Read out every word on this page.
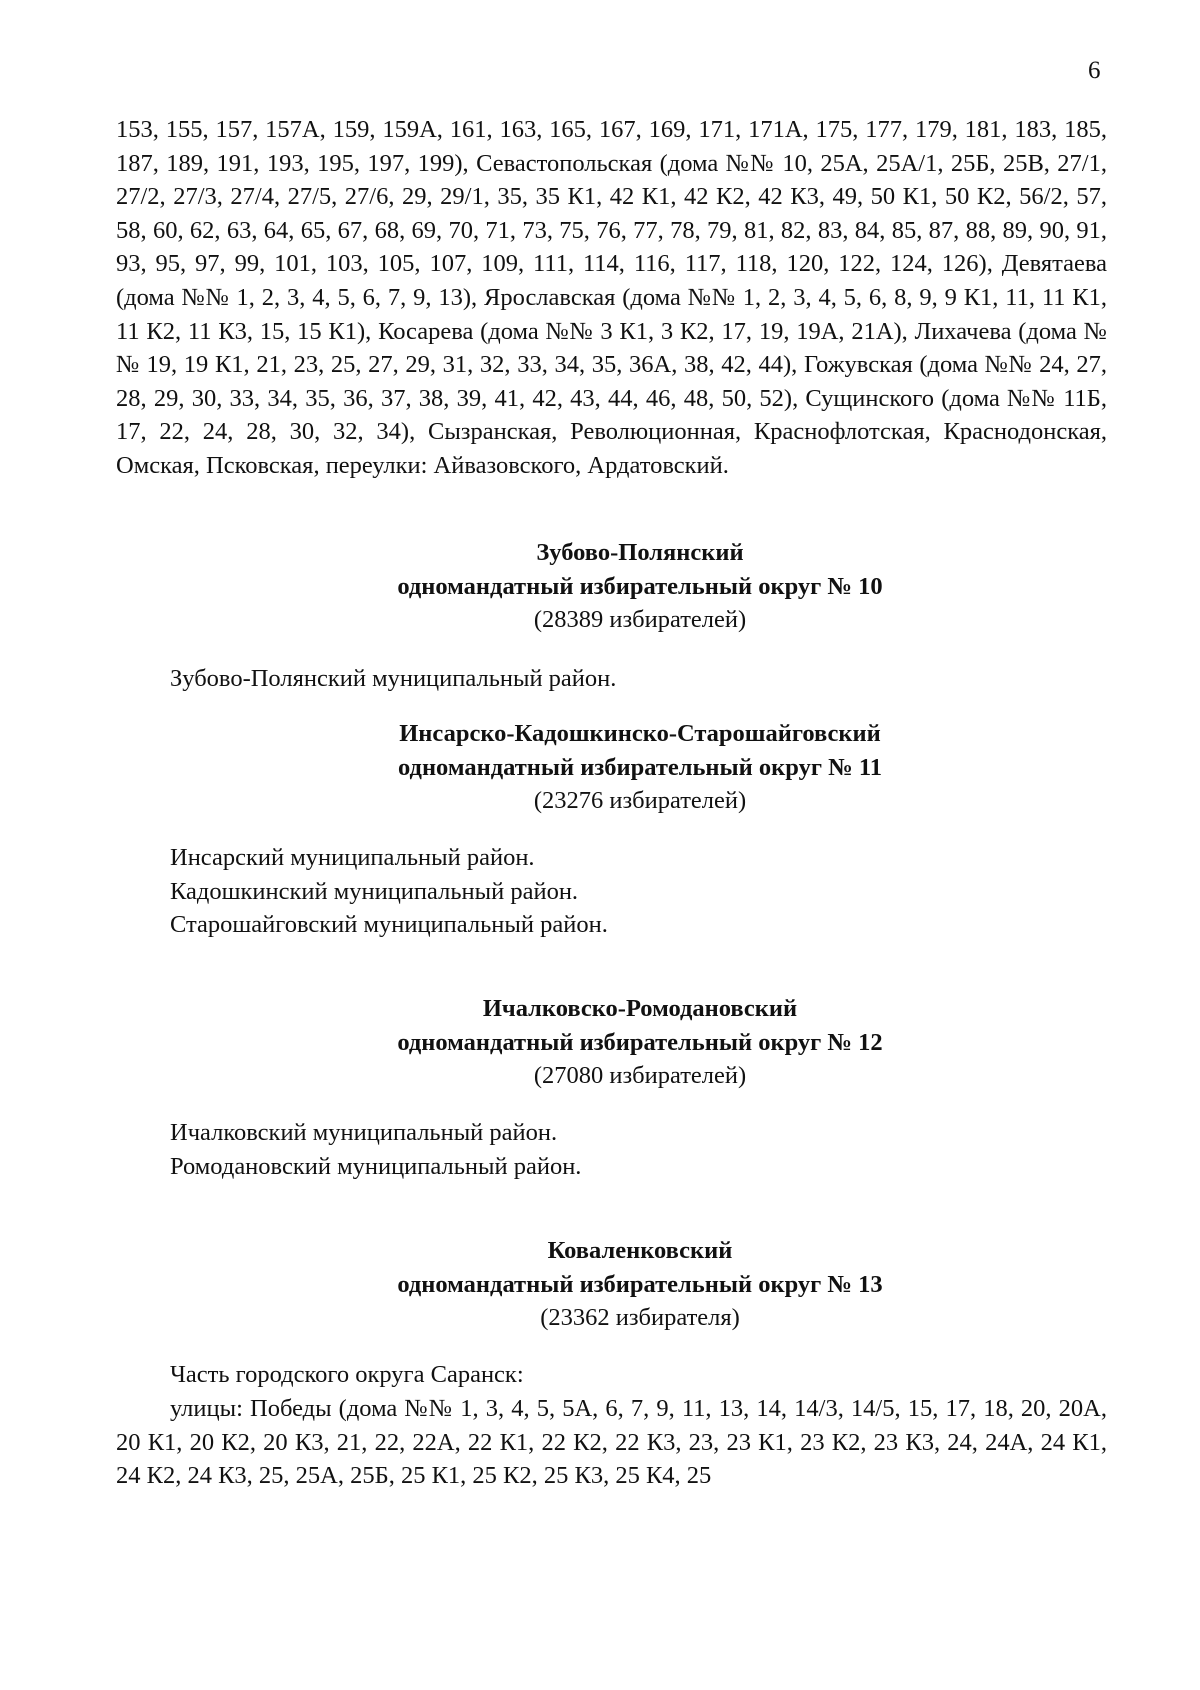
6
153, 155, 157, 157А, 159, 159А, 161, 163, 165, 167, 169, 171, 171А, 175, 177, 179, 181, 183, 185, 187, 189, 191, 193, 195, 197, 199), Севастопольская (дома №№ 10, 25А, 25А/1, 25Б, 25В, 27/1, 27/2, 27/3, 27/4, 27/5, 27/6, 29, 29/1, 35, 35 К1, 42 К1, 42 К2, 42 К3, 49, 50 К1, 50 К2, 56/2, 57, 58, 60, 62, 63, 64, 65, 67, 68, 69, 70, 71, 73, 75, 76, 77, 78, 79, 81, 82, 83, 84, 85, 87, 88, 89, 90, 91, 93, 95, 97, 99, 101, 103, 105, 107, 109, 111, 114, 116, 117, 118, 120, 122, 124, 126), Девятаева (дома №№ 1, 2, 3, 4, 5, 6, 7, 9, 13), Ярославская (дома №№ 1, 2, 3, 4, 5, 6, 8, 9, 9 К1, 11, 11 К1, 11 К2, 11 К3, 15, 15 К1), Косарева (дома №№ 3 К1, 3 К2, 17, 19, 19А, 21А), Лихачева (дома №№ 19, 19 К1, 21, 23, 25, 27, 29, 31, 32, 33, 34, 35, 36А, 38, 42, 44), Гожувская (дома №№ 24, 27, 28, 29, 30, 33, 34, 35, 36, 37, 38, 39, 41, 42, 43, 44, 46, 48, 50, 52), Сущинского (дома №№ 11Б, 17, 22, 24, 28, 30, 32, 34), Сызранская, Революционная, Краснофлотская, Краснодонская, Омская, Псковская, переулки: Айвазовского, Ардатовский.
Зубово-Полянский
одномандатный избирательный округ № 10
(28389 избирателей)
Зубово-Полянский муниципальный район.
Инсарско-Кадошкинско-Старошайговский
одномандатный избирательный округ № 11
(23276 избирателей)
Инсарский муниципальный район.
Кадошкинский муниципальный район.
Старошайговский муниципальный район.
Ичалковско-Ромодановский
одномандатный избирательный округ № 12
(27080 избирателей)
Ичалковский муниципальный район.
Ромодановский муниципальный район.
Коваленковский
одномандатный избирательный округ № 13
(23362 избирателя)
Часть городского округа Саранск:
улицы: Победы (дома №№ 1, 3, 4, 5, 5А, 6, 7, 9, 11, 13, 14, 14/3, 14/5, 15, 17, 18, 20, 20А, 20 К1, 20 К2, 20 К3, 21, 22, 22А, 22 К1, 22 К2, 22 К3, 23, 23 К1, 23 К2, 23 К3, 24, 24А, 24 К1, 24 К2, 24 К3, 25, 25А, 25Б, 25 К1, 25 К2, 25 К3, 25 К4, 25
